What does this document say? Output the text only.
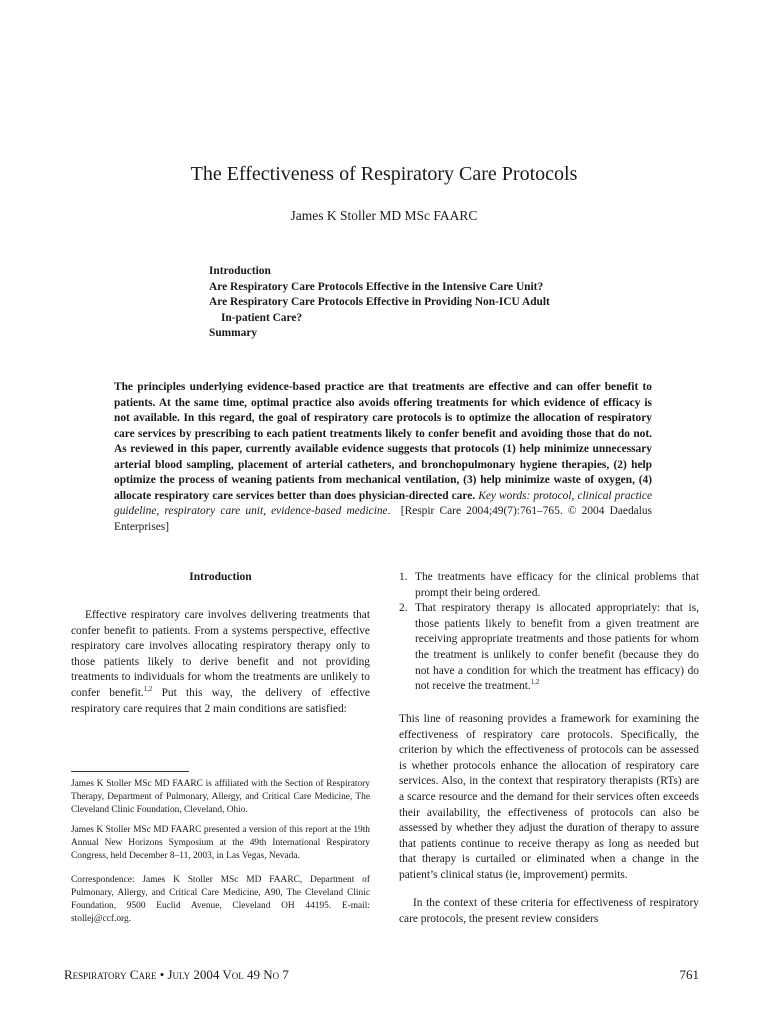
The Effectiveness of Respiratory Care Protocols
James K Stoller MD MSc FAARC
Introduction
Are Respiratory Care Protocols Effective in the Intensive Care Unit?
Are Respiratory Care Protocols Effective in Providing Non-ICU Adult
In-patient Care?
Summary

The principles underlying evidence-based practice are that treatments are effective and can offer benefit to patients. At the same time, optimal practice also avoids offering treatments for which evidence of efficacy is not available. In this regard, the goal of respiratory care protocols is to optimize the allocation of respiratory care services by prescribing to each patient treatments likely to confer benefit and avoiding those that do not. As reviewed in this paper, currently available evidence suggests that protocols (1) help minimize unnecessary arterial blood sampling, placement of arterial catheters, and bronchopulmonary hygiene therapies, (2) help optimize the process of weaning patients from mechanical ventilation, (3) help minimize waste of oxygen, (4) allocate respiratory care services better than does physician-directed care. Key words: protocol, clinical practice guideline, respiratory care unit, evidence-based medicine.  [Respir Care 2004;49(7):761–765. © 2004 Daedalus Enterprises]

Introduction

Effective respiratory care involves delivering treatments that confer benefit to patients. From a systems perspective, effective respiratory care involves allocating respiratory therapy only to those patients likely to derive benefit and not providing treatments to individuals for whom the treatments are unlikely to confer benefit.$^{1,2}$ Put this way, the delivery of effective respiratory care requires that 2 main conditions are satisfied:

James K Stoller MSc MD FAARC is affiliated with the Section of Respiratory Therapy, Department of Pulmonary, Allergy, and Critical Care Medicine, The Cleveland Clinic Foundation, Cleveland, Ohio.

James K Stoller MSc MD FAARC presented a version of this report at the 19th Annual New Horizons Symposium at the 49th International Respiratory Congress, held December 8–11, 2003, in Las Vegas, Nevada.

Correspondence: James K Stoller MSc MD FAARC, Department of Pulmonary, Allergy, and Critical Care Medicine, A90, The Cleveland Clinic Foundation, 9500 Euclid Avenue, Cleveland OH 44195. E-mail: stollej@ccf.org.

1. The treatments have efficacy for the clinical problems that prompt their being ordered.
2. That respiratory therapy is allocated appropriately: that is, those patients likely to benefit from a given treatment are receiving appropriate treatments and those patients for whom the treatment is unlikely to confer benefit (because they do not have a condition for which the treatment has efficacy) do not receive the treatment.$^{1,2}$

This line of reasoning provides a framework for examining the effectiveness of respiratory care protocols. Specifically, the criterion by which the effectiveness of protocols can be assessed is whether protocols enhance the allocation of respiratory care services. Also, in the context that respiratory therapists (RTs) are a scarce resource and the demand for their services often exceeds their availability, the effectiveness of protocols can also be assessed by whether they adjust the duration of therapy to assure that patients continue to receive therapy as long as needed but that therapy is curtailed or eliminated when a change in the patient’s clinical status (ie, improvement) permits.

In the context of these criteria for effectiveness of respiratory care protocols, the present review considers

Respiratory Care • July 2004 Vol 49 No 7	761
